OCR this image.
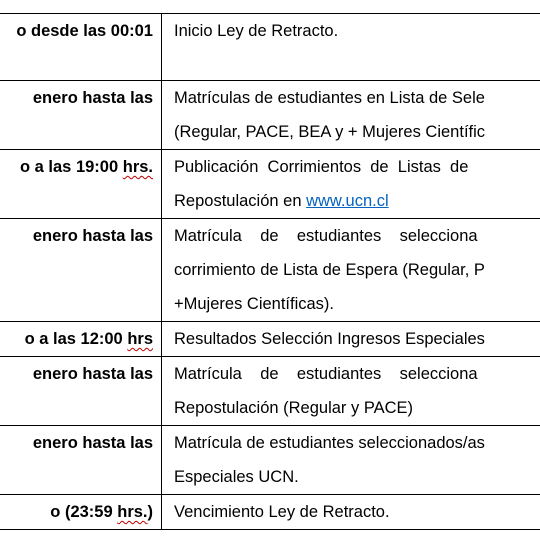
o desde las 00:01	Inicio Ley de Retracto.

enero hasta las	Matrículas de estudiantes en Lista de Sele
(Regular, PACE, BEA y + Mujeres Científic

o a las 19:00 hrs.	Publicación  Corrimientos  de  Listas  de
Repostulación en www.ucn.cl

enero hasta las	Matrícula    de    estudiantes    selecciona
corrimiento de Lista de Espera (Regular, P
+Mujeres Científicas).

o a las 12:00 hrs	Resultados Selección Ingresos Especiales

enero hasta las	Matrícula    de    estudiantes    selecciona
Repostulación (Regular y PACE)

enero hasta las	Matrícula de estudiantes seleccionados/as
Especiales UCN.

o (23:59 hrs.)	Vencimiento Ley de Retracto.
